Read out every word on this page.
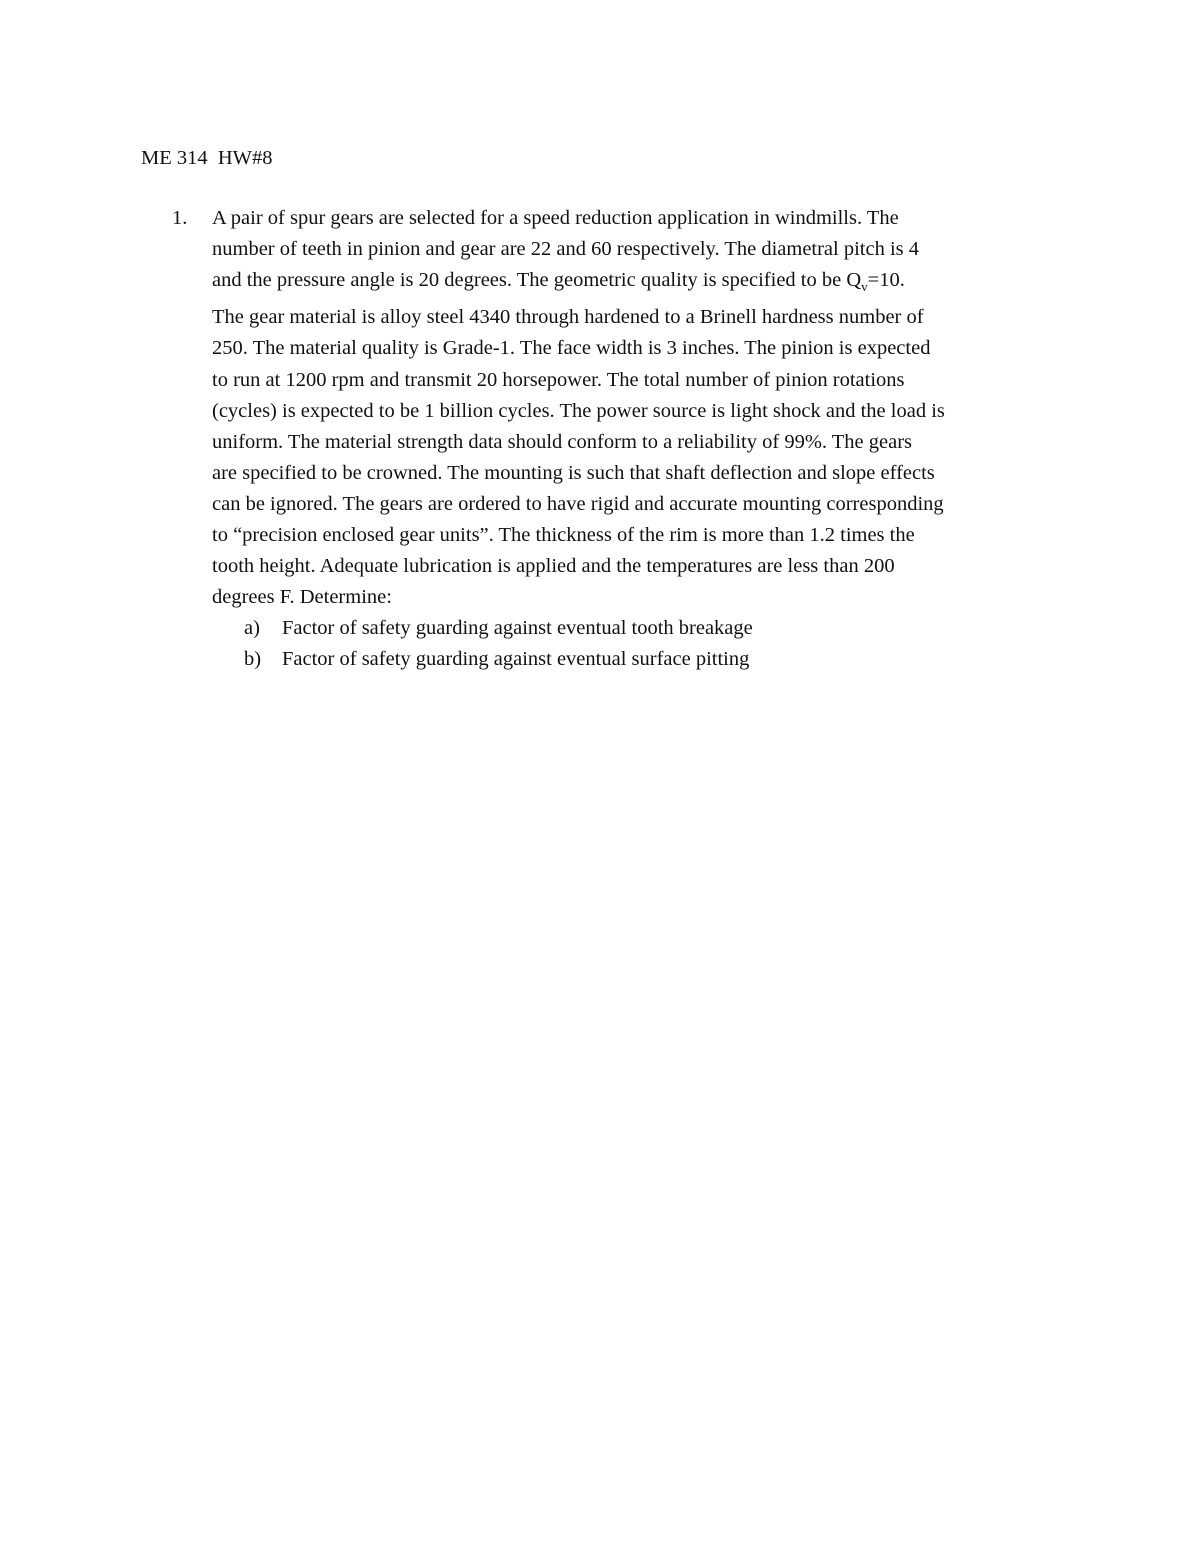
ME 314 HW#8
1.	A pair of spur gears are selected for a speed reduction application in windmills. The
number of teeth in pinion and gear are 22 and 60 respectively. The diametral pitch is 4
and the pressure angle is 20 degrees. The geometric quality is specified to be $Q_v=10$.
The gear material is alloy steel 4340 through hardened to a Brinell hardness number of
250. The material quality is Grade-1. The face width is 3 inches. The pinion is expected
to run at 1200 rpm and transmit 20 horsepower. The total number of pinion rotations
(cycles) is expected to be 1 billion cycles. The power source is light shock and the load is
uniform. The material strength data should conform to a reliability of 99%. The gears
are specified to be crowned. The mounting is such that shaft deflection and slope effects
can be ignored. The gears are ordered to have rigid and accurate mounting corresponding
to “precision enclosed gear units”. The thickness of the rim is more than 1.2 times the
tooth height. Adequate lubrication is applied and the temperatures are less than 200
degrees F. Determine:
a)	Factor of safety guarding against eventual tooth breakage
b)	Factor of safety guarding against eventual surface pitting
